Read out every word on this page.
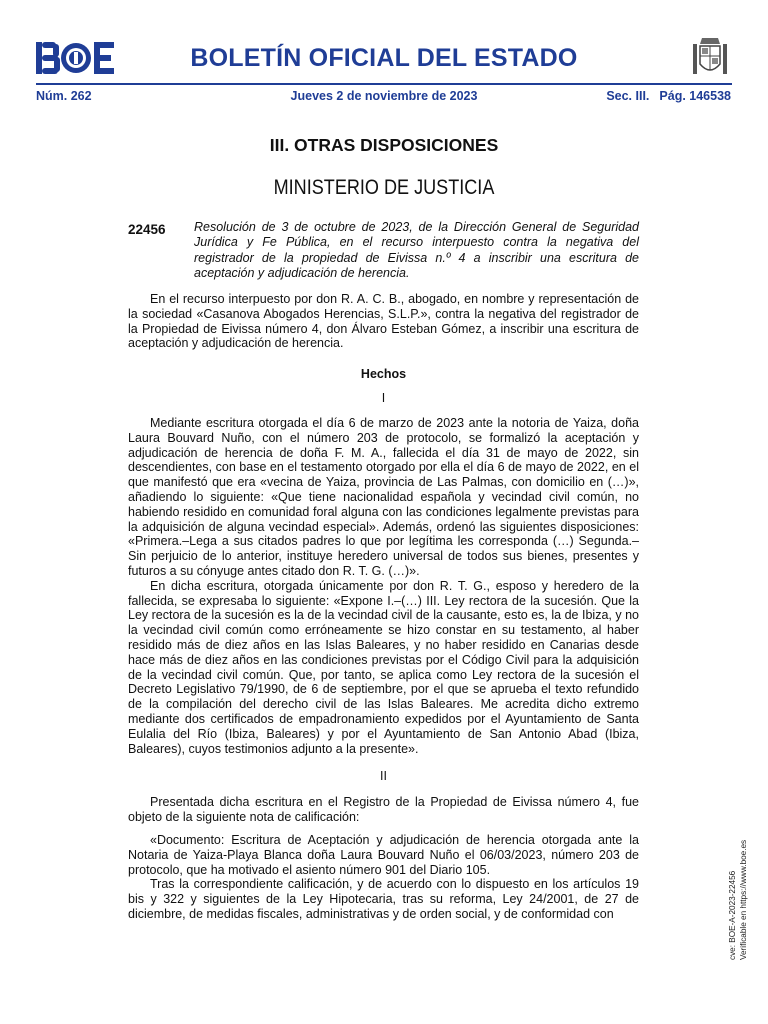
BOLETÍN OFICIAL DEL ESTADO
Núm. 262	Jueves 2 de noviembre de 2023	Sec. III. Pág. 146538
III. OTRAS DISPOSICIONES
MINISTERIO DE JUSTICIA
22456 Resolución de 3 de octubre de 2023, de la Dirección General de Seguridad Jurídica y Fe Pública, en el recurso interpuesto contra la negativa del registrador de la propiedad de Eivissa n.º 4 a inscribir una escritura de aceptación y adjudicación de herencia.

En el recurso interpuesto por don R. A. C. B., abogado, en nombre y representación de la sociedad «Casanova Abogados Herencias, S.L.P.», contra la negativa del registrador de la Propiedad de Eivissa número 4, don Álvaro Esteban Gómez, a inscribir una escritura de aceptación y adjudicación de herencia.

Hechos
I

Mediante escritura otorgada el día 6 de marzo de 2023 ante la notoria de Yaiza, doña Laura Bouvard Nuño, con el número 203 de protocolo, se formalizó la aceptación y adjudicación de herencia de doña F. M. A., fallecida el día 31 de mayo de 2022, sin descendientes, con base en el testamento otorgado por ella el día 6 de mayo de 2022, en el que manifestó que era «vecina de Yaiza, provincia de Las Palmas, con domicilio en (…)», añadiendo lo siguiente: «Que tiene nacionalidad española y vecindad civil común, no habiendo residido en comunidad foral alguna con las condiciones legalmente previstas para la adquisición de alguna vecindad especial». Además, ordenó las siguientes disposiciones: «Primera.–Lega a sus citados padres lo que por legítima les corresponda (…) Segunda.–Sin perjuicio de lo anterior, instituye heredero universal de todos sus bienes, presentes y futuros a su cónyuge antes citado don R. T. G. (…)».

En dicha escritura, otorgada únicamente por don R. T. G., esposo y heredero de la fallecida, se expresaba lo siguiente: «Expone I.–(…) III. Ley rectora de la sucesión. Que la Ley rectora de la sucesión es la de la vecindad civil de la causante, esto es, la de Ibiza, y no la vecindad civil común como erróneamente se hizo constar en su testamento, al haber residido más de diez años en las Islas Baleares, y no haber residido en Canarias desde hace más de diez años en las condiciones previstas por el Código Civil para la adquisición de la vecindad civil común. Que, por tanto, se aplica como Ley rectora de la sucesión el Decreto Legislativo 79/1990, de 6 de septiembre, por el que se aprueba el texto refundido de la compilación del derecho civil de las Islas Baleares. Me acredita dicho extremo mediante dos certificados de empadronamiento expedidos por el Ayuntamiento de Santa Eulalia del Río (Ibiza, Baleares) y por el Ayuntamiento de San Antonio Abad (Ibiza, Baleares), cuyos testimonios adjunto a la presente».

II

Presentada dicha escritura en el Registro de la Propiedad de Eivissa número 4, fue objeto de la siguiente nota de calificación:

«Documento: Escritura de Aceptación y adjudicación de herencia otorgada ante la Notaria de Yaiza-Playa Blanca doña Laura Bouvard Nuño el 06/03/2023, número 203 de protocolo, que ha motivado el asiento número 901 del Diario 105.

Tras la correspondiente calificación, y de acuerdo con lo dispuesto en los artículos 19 bis y 322 y siguientes de la Ley Hipotecaria, tras su reforma, Ley 24/2001, de 27 de diciembre, de medidas fiscales, administrativas y de orden social, y de conformidad con	cve: BOE-A-2023-22456 Verificable en https://www.boe.es
